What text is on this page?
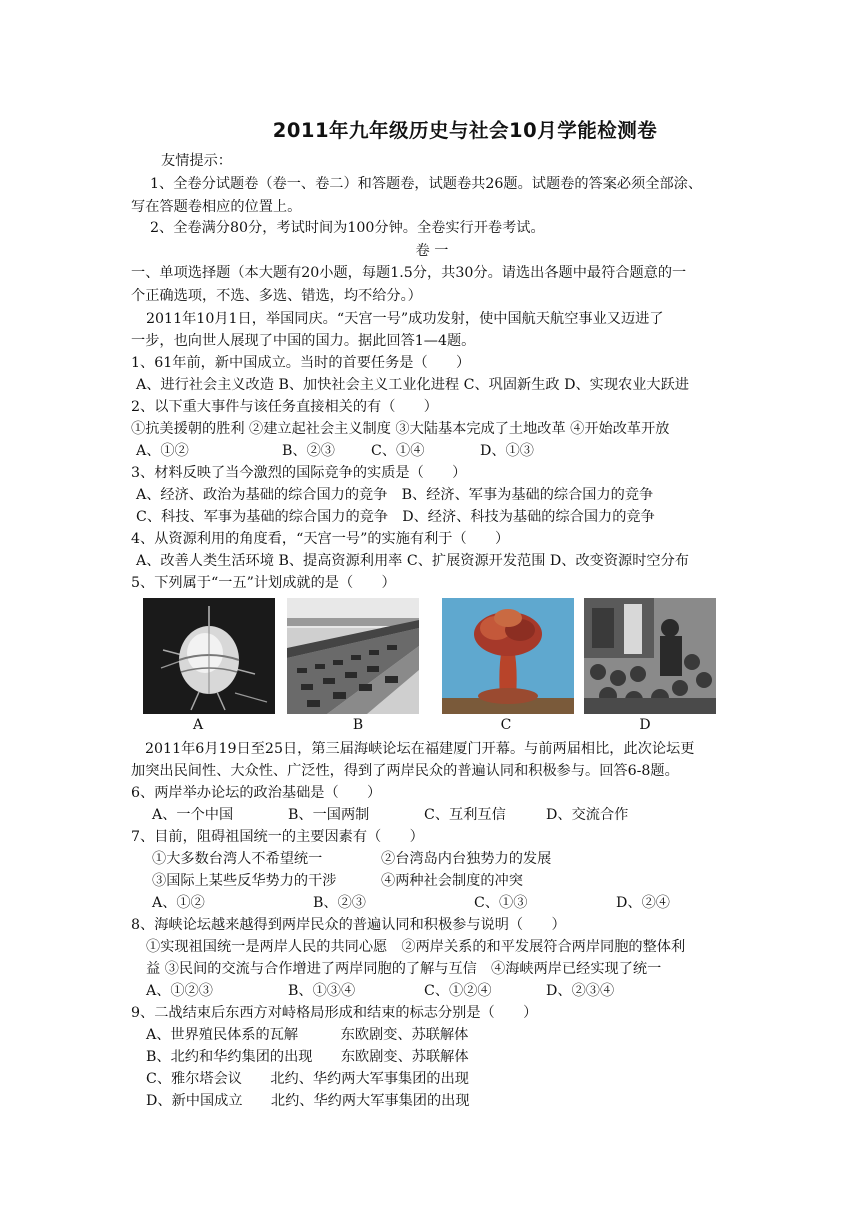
2011年九年级历史与社会10月学能检测卷
友情提示：
1、全卷分试题卷（卷一、卷二）和答题卷，试题卷共26题。试题卷的答案必须全部涂、
写在答题卷相应的位置上。
2、全卷满分80分，考试时间为100分钟。全卷实行开卷考试。
卷 一
一、单项选择题（本大题有20小题，每题1.5分，共30分。请选出各题中最符合题意的一
个正确选项，不选、多选、错选，均不给分。）
2011年10月1日，举国同庆。“天宫一号”成功发射，使中国航天航空事业又迈进了
一步，也向世人展现了中国的国力。据此回答1—4题。
1、61年前，新中国成立。当时的首要任务是（　　）
A、进行社会主义改造 B、加快社会主义工业化进程 C、巩固新生政 D、实现农业大跃进
2、以下重大事件与该任务直接相关的有（　　）
①抗美援朝的胜利 ②建立起社会主义制度 ③大陆基本完成了土地改革 ④开始改革开放
A、①②	B、②③	C、①④	D、①③
3、材料反映了当今激烈的国际竞争的实质是（　　）
A、经济、政治为基础的综合国力的竞争　B、经济、军事为基础的综合国力的竞争
C、科技、军事为基础的综合国力的竞争　D、经济、科技为基础的综合国力的竞争
4、从资源利用的角度看，“天宫一号”的实施有利于（　　）
A、改善人类生活环境 B、提高资源利用率 C、扩展资源开发范围 D、改变资源时空分布
5、下列属于“一五”计划成就的是（　　）
A	B	C	D
2011年6月19日至25日，第三届海峡论坛在福建厦门开幕。与前两届相比，此次论坛更
加突出民间性、大众性、广泛性，得到了两岸民众的普遍认同和积极参与。回答6-8题。
6、两岸举办论坛的政治基础是（　　）
A、一个中国	B、一国两制	C、互利互信	D、交流合作
7、目前，阻碍祖国统一的主要因素有（　　）
①大多数台湾人不希望统一	②台湾岛内台独势力的发展
③国际上某些反华势力的干涉	④两种社会制度的冲突
A、①②	B、②③	C、①③	D、②④
8、海峡论坛越来越得到两岸民众的普遍认同和积极参与说明（　　）
①实现祖国统一是两岸人民的共同心愿　②两岸关系的和平发展符合两岸同胞的整体利
益 ③民间的交流与合作增进了两岸同胞的了解与互信　④海峡两岸已经实现了统一
A、①②③	B、①③④	C、①②④	D、②③④
9、二战结束后东西方对峙格局形成和结束的标志分别是（　　）
A、世界殖民体系的瓦解　　　东欧剧变、苏联解体
B、北约和华约集团的出现　　东欧剧变、苏联解体
C、雅尔塔会议　　北约、华约两大军事集团的出现
D、新中国成立　　北约、华约两大军事集团的出现
